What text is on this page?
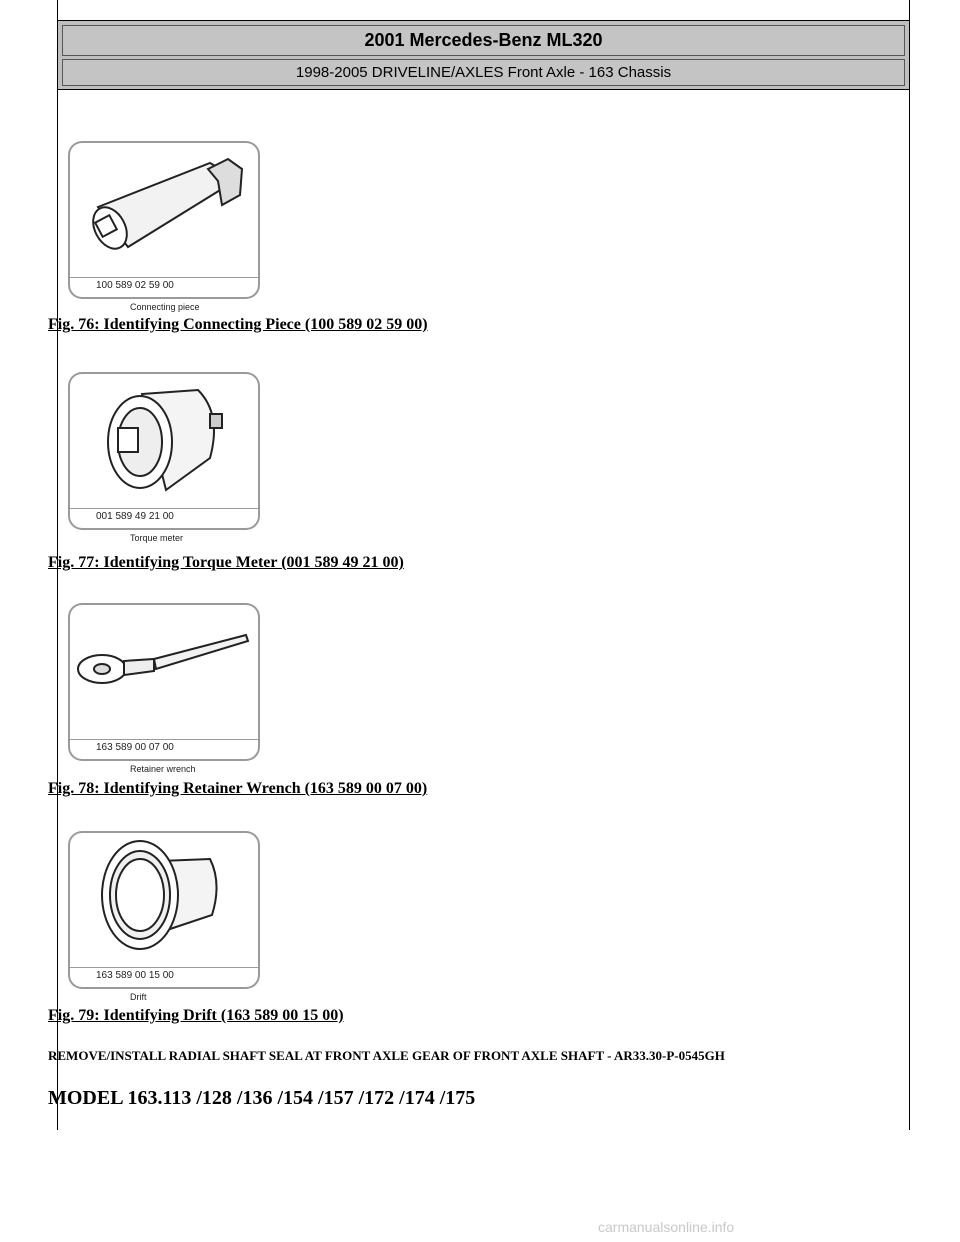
2001 Mercedes-Benz ML320
1998-2005 DRIVELINE/AXLES Front Axle - 163 Chassis
100 589 02 59 00
Connecting piece
Fig. 76: Identifying Connecting Piece (100 589 02 59 00)
001 589 49 21 00
Torque meter
Fig. 77: Identifying Torque Meter (001 589 49 21 00)
163 589 00 07 00
Retainer wrench
Fig. 78: Identifying Retainer Wrench (163 589 00 07 00)
163 589 00 15 00
Drift
Fig. 79: Identifying Drift (163 589 00 15 00)
REMOVE/INSTALL RADIAL SHAFT SEAL AT FRONT AXLE GEAR OF FRONT AXLE SHAFT - AR33.30-P-0545GH
MODEL 163.113 /128 /136 /154 /157 /172 /174 /175
carmanualsonline.info
